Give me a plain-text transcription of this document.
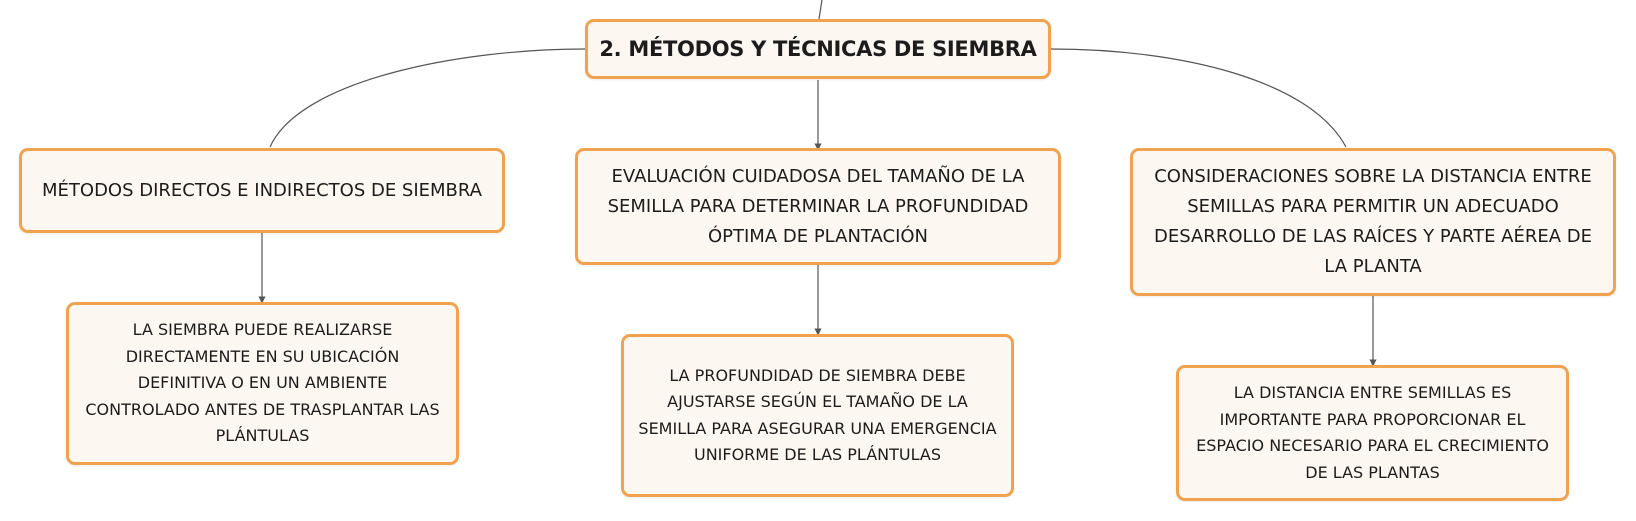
2. MÉTODOS Y TÉCNICAS DE SIEMBRA
MÉTODOS DIRECTOS E INDIRECTOS DE SIEMBRA
EVALUACIÓN CUIDADOSA DEL TAMAÑO DE LA SEMILLA PARA DETERMINAR LA PROFUNDIDAD ÓPTIMA DE PLANTACIÓN
CONSIDERACIONES SOBRE LA DISTANCIA ENTRE SEMILLAS PARA PERMITIR UN ADECUADO DESARROLLO DE LAS RAÍCES Y PARTE AÉREA DE LA PLANTA
LA SIEMBRA PUEDE REALIZARSE DIRECTAMENTE EN SU UBICACIÓN DEFINITIVA O EN UN AMBIENTE CONTROLADO ANTES DE TRASPLANTAR LAS PLÁNTULAS
LA PROFUNDIDAD DE SIEMBRA DEBE AJUSTARSE SEGÚN EL TAMAÑO DE LA SEMILLA PARA ASEGURAR UNA EMERGENCIA UNIFORME DE LAS PLÁNTULAS
LA DISTANCIA ENTRE SEMILLAS ES IMPORTANTE PARA PROPORCIONAR EL ESPACIO NECESARIO PARA EL CRECIMIENTO DE LAS PLANTAS
